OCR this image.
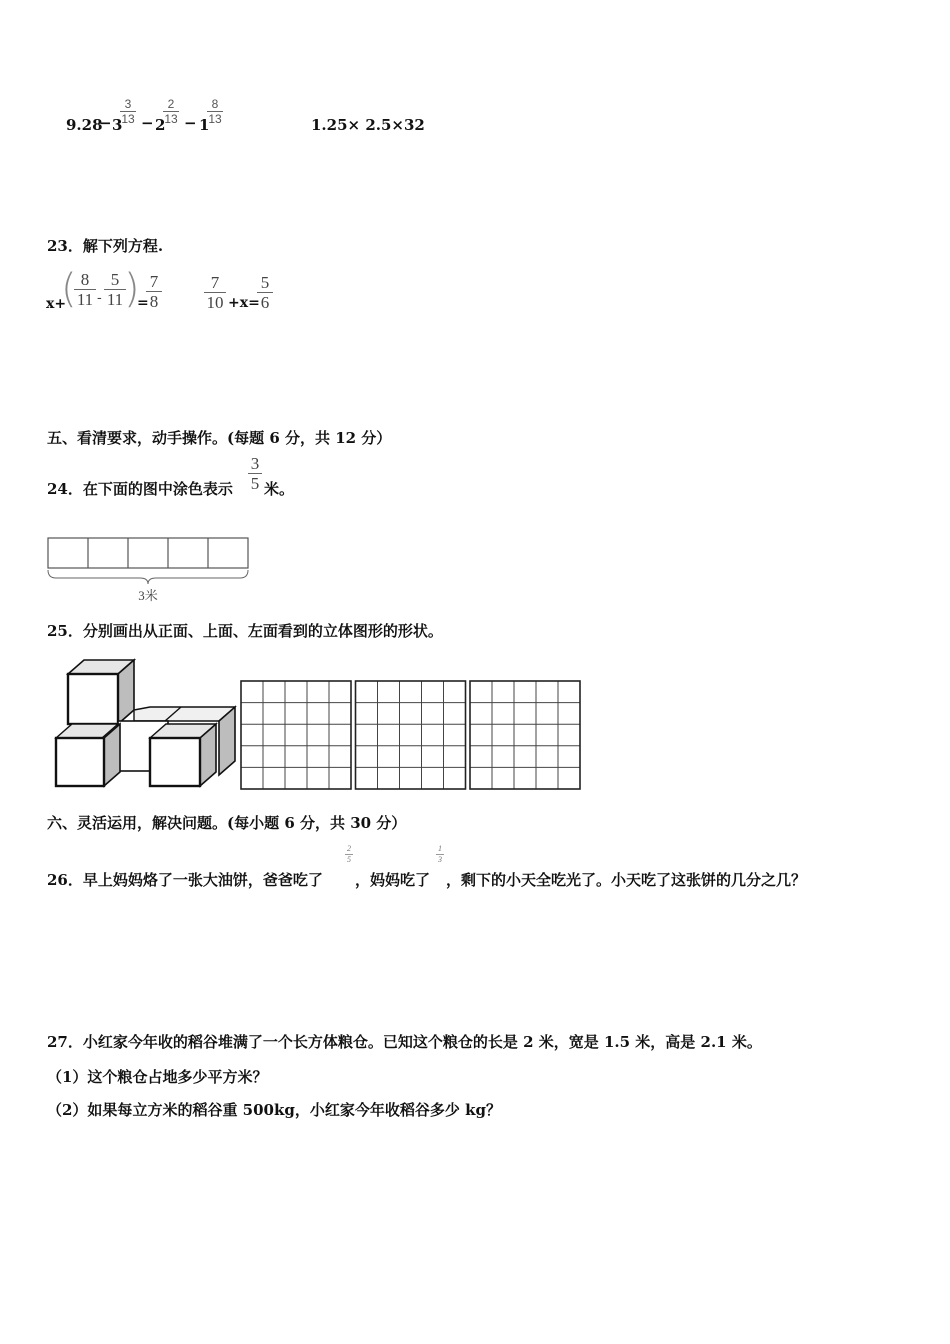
9.28
− 3
3
13 − 2
2
13 − 1
8
13	1.25× 2.5×32
23．解下列方程.
x+
( 8
11 -
5
11 )
=
7
8
7
10 +x=
5
6
五、看清要求，动手操作。(每题 6 分，共 12 分）
24．在下面的图中涂色表示
3
5 米。
3米
25．分别画出从正面、上面、左面看到的立体图形的形状。
六、灵活运用，解决问题。(每小题 6 分，共 30 分）
26．早上妈妈烙了一张大油饼，爸爸吃了
2
5
，妈妈吃了
1
3
，剩下的小天全吃光了。小天吃了这张饼的几分之几？
27．小红家今年收的稻谷堆满了一个长方体粮仓。已知这个粮仓的长是 2 米，宽是 1.5 米，高是 2.1 米。
（1）这个粮仓占地多少平方米？
（2）如果每立方米的稻谷重 500kg，小红家今年收稻谷多少 kg？
